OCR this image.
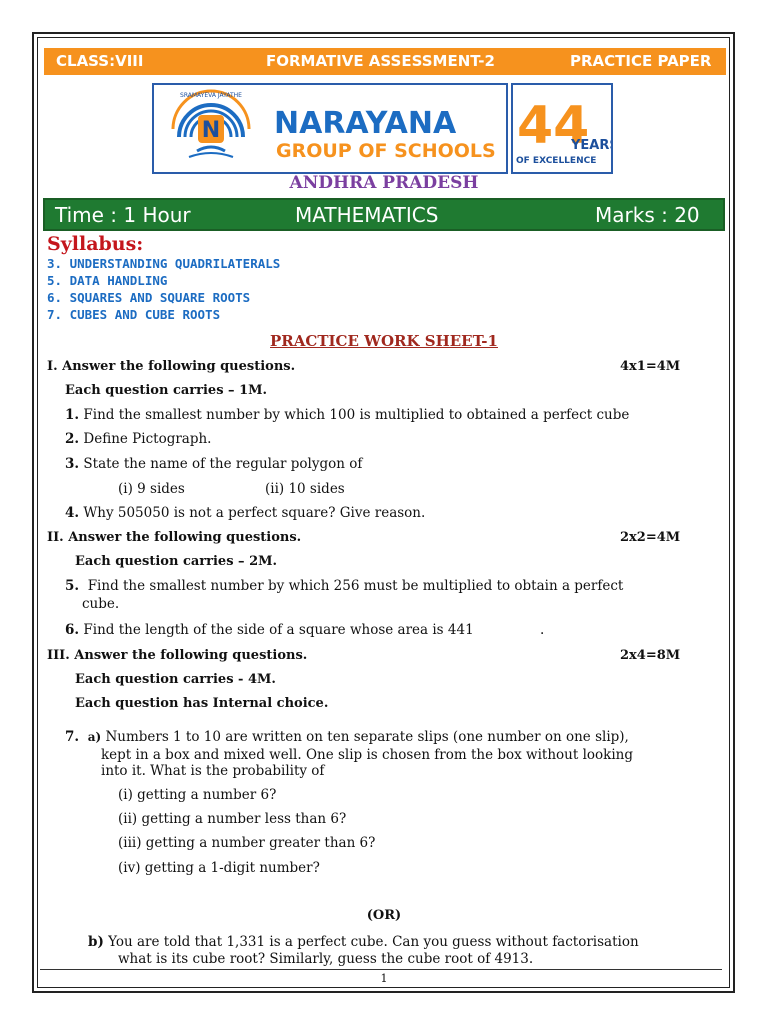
CLASS:VIII	FORMATIVE ASSESSMENT-2	PRACTICE PAPER
N
SRAMAYEVA JAYATHE
NARAYANA
GROUP OF SCHOOLS 44
YEAR
OF EXCELLENCE
ANDHRA PRADESH
Time : 1 Hour	MATHEMATICS	Marks : 20
Syllabus:
3. UNDERSTANDING QUADRILATERALS
5. DATA HANDLING
6. SQUARES AND SQUARE ROOTS
7. CUBES AND CUBE ROOTS
PRACTICE WORK SHEET-1
I. Answer the following questions.	4x1=4M
Each question carries – 1M.
1. Find the smallest number by which 100 is multiplied to obtained a perfect cube
2. Define Pictograph.
3. State the name of the regular polygon of
(i) 9 sides	(ii) 10 sides
4. Why 505050 is not a perfect square? Give reason.
II. Answer the following questions.	2x2=4M
Each question carries – 2M.
5. Find the smallest number by which 256 must be multiplied to obtain a perfect
cube.
6. Find the length of the side of a square whose area is 441	.
III. Answer the following questions.	2x4=8M
Each question carries - 4M.
Each question has Internal choice.
7. a) Numbers 1 to 10 are written on ten separate slips (one number on one slip),
kept in a box and mixed well. One slip is chosen from the box without looking
into it. What is the probability of
(i) getting a number 6?
(ii) getting a number less than 6?
(iii) getting a number greater than 6?
(iv) getting a 1-digit number?
(OR)
b) You are told that 1,331 is a perfect cube. Can you guess without factorisation
what is its cube root? Similarly, guess the cube root of 4913.
1
